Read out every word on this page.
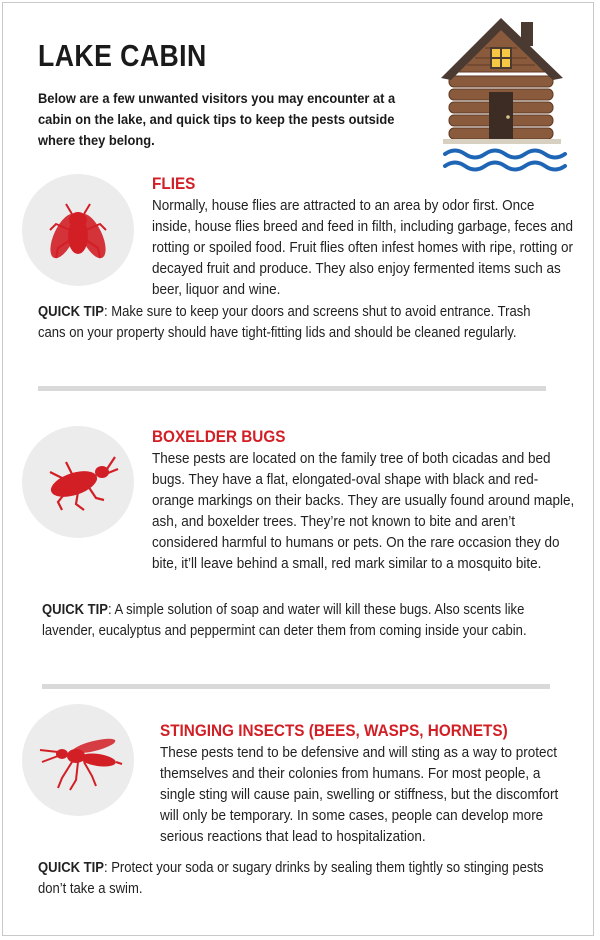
LAKE CABIN
Below are a few unwanted visitors you may encounter at a cabin on the lake, and quick tips to keep the pests outside where they belong.
FLIES
Normally, house flies are attracted to an area by odor first. Once inside, house flies breed and feed in filth, including garbage, feces and rotting or spoiled food. Fruit flies often infest homes with ripe, rotting or decayed fruit and produce. They also enjoy fermented items such as beer, liquor and wine.
QUICK TIP: Make sure to keep your doors and screens shut to avoid entrance. Trash cans on your property should have tight-fitting lids and should be cleaned regularly.
BOXELDER BUGS
These pests are located on the family tree of both cicadas and bed bugs. They have a flat, elongated-oval shape with black and red-orange markings on their backs. They are usually found around maple, ash, and boxelder trees. They’re not known to bite and aren’t considered harmful to humans or pets. On the rare occasion they do bite, it’ll leave behind a small, red mark similar to a mosquito bite.
QUICK TIP: A simple solution of soap and water will kill these bugs. Also scents like lavender, eucalyptus and peppermint can deter them from coming inside your cabin.
STINGING INSECTS (BEES, WASPS, HORNETS)
These pests tend to be defensive and will sting as a way to protect themselves and their colonies from humans. For most people, a single sting will cause pain, swelling or stiffness, but the discomfort will only be temporary. In some cases, people can develop more serious reactions that lead to hospitalization.
QUICK TIP: Protect your soda or sugary drinks by sealing them tightly so stinging pests don’t take a swim.
